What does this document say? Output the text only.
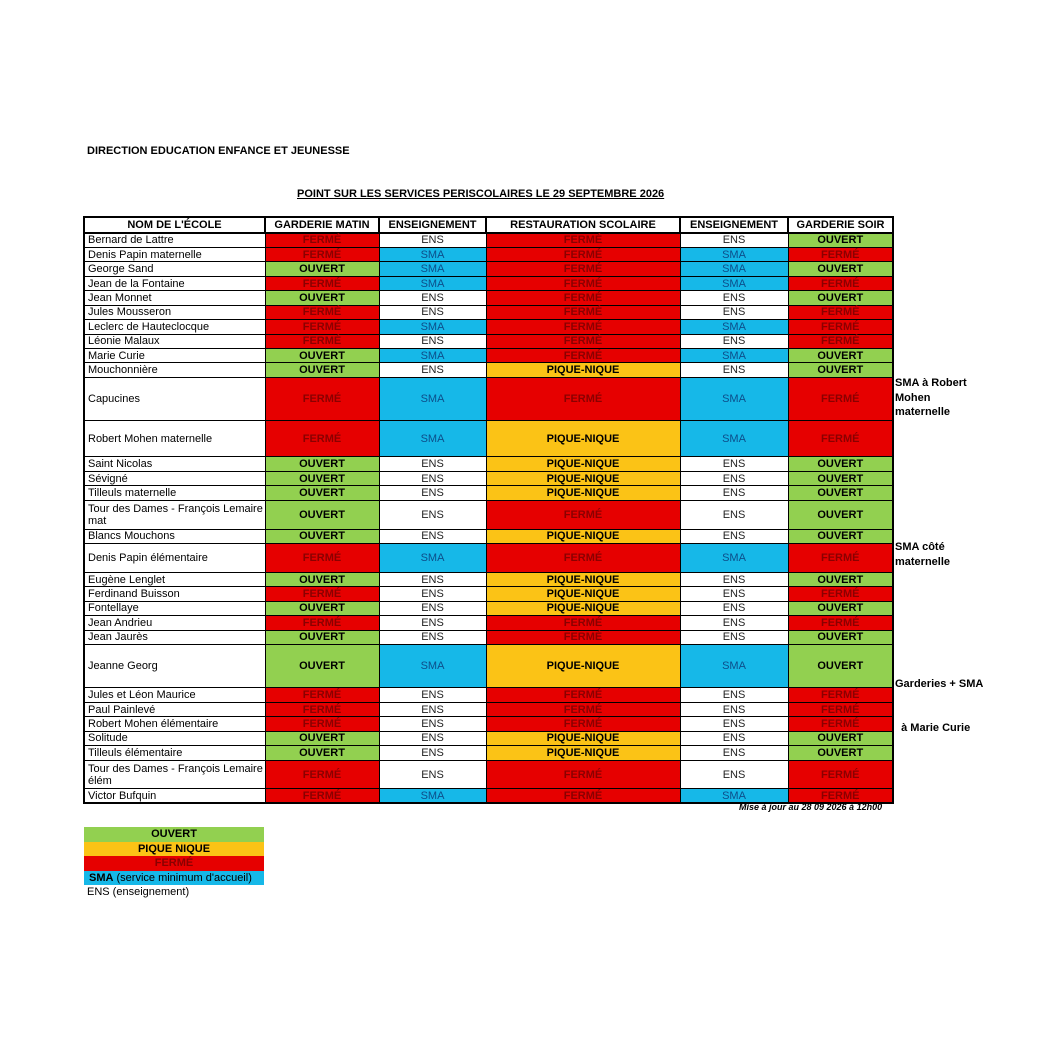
DIRECTION EDUCATION ENFANCE ET JEUNESSE
POINT SUR LES SERVICES PERISCOLAIRES LE 29 SEPTEMBRE 2026
NOM DE L'ÉCOLE	GARDERIE MATIN	ENSEIGNEMENT	RESTAURATION SCOLAIRE	ENSEIGNEMENT	GARDERIE SOIR
Bernard de Lattre	FERMÉ	ENS	FERMÉ	ENS	OUVERT
Denis Papin maternelle	FERMÉ	SMA	FERMÉ	SMA	FERMÉ
George Sand	OUVERT	SMA	FERMÉ	SMA	OUVERT
Jean de la Fontaine	FERMÉ	SMA	FERMÉ	SMA	FERMÉ
Jean Monnet	OUVERT	ENS	FERMÉ	ENS	OUVERT
Jules Mousseron	FERMÉ	ENS	FERMÉ	ENS	FERMÉ
Leclerc de Hauteclocque	FERMÉ	SMA	FERMÉ	SMA	FERMÉ
Léonie Malaux	FERMÉ	ENS	FERMÉ	ENS	FERMÉ
Marie Curie	OUVERT	SMA	FERMÉ	SMA	OUVERT
Mouchonnière	OUVERT	ENS	PIQUE-NIQUE	ENS	OUVERT
Capucines	FERMÉ	SMA	FERMÉ	SMA	FERMÉ
Robert Mohen maternelle	FERMÉ	SMA	PIQUE-NIQUE	SMA	FERMÉ
Saint Nicolas	OUVERT	ENS	PIQUE-NIQUE	ENS	OUVERT
Sévigné	OUVERT	ENS	PIQUE-NIQUE	ENS	OUVERT
Tilleuls maternelle	OUVERT	ENS	PIQUE-NIQUE	ENS	OUVERT
Tour des Dames - François Lemaire mat	OUVERT	ENS	FERMÉ	ENS	OUVERT
Blancs Mouchons	OUVERT	ENS	PIQUE-NIQUE	ENS	OUVERT
Denis Papin élémentaire	FERMÉ	SMA	FERMÉ	SMA	FERMÉ
Eugène Lenglet	OUVERT	ENS	PIQUE-NIQUE	ENS	OUVERT
Ferdinand Buisson	FERMÉ	ENS	PIQUE-NIQUE	ENS	FERMÉ
Fontellaye	OUVERT	ENS	PIQUE-NIQUE	ENS	OUVERT
Jean Andrieu	FERMÉ	ENS	FERMÉ	ENS	FERMÉ
Jean Jaurès	OUVERT	ENS	FERMÉ	ENS	OUVERT
Jeanne Georg	OUVERT	SMA	PIQUE-NIQUE	SMA	OUVERT
Jules et Léon Maurice	FERMÉ	ENS	FERMÉ	ENS	FERMÉ
Paul Painlevé	FERMÉ	ENS	FERMÉ	ENS	FERMÉ
Robert Mohen élémentaire	FERMÉ	ENS	FERMÉ	ENS	FERMÉ
Solitude	OUVERT	ENS	PIQUE-NIQUE	ENS	OUVERT
Tilleuls élémentaire	OUVERT	ENS	PIQUE-NIQUE	ENS	OUVERT
Tour des Dames - François Lemaire élém	FERMÉ	ENS	FERMÉ	ENS	FERMÉ
Victor Bufquin	FERMÉ	SMA	FERMÉ	SMA	FERMÉ
SMA à Robert
Mohen
maternelle
SMA côté
maternelle

Garderies + SMA

à Marie Curie

Mise à jour au 28 09 2026 à 12h00
OUVERT
PIQUE NIQUE
FERMÉ
SMA (service minimum d'accueil)
ENS (enseignement)
